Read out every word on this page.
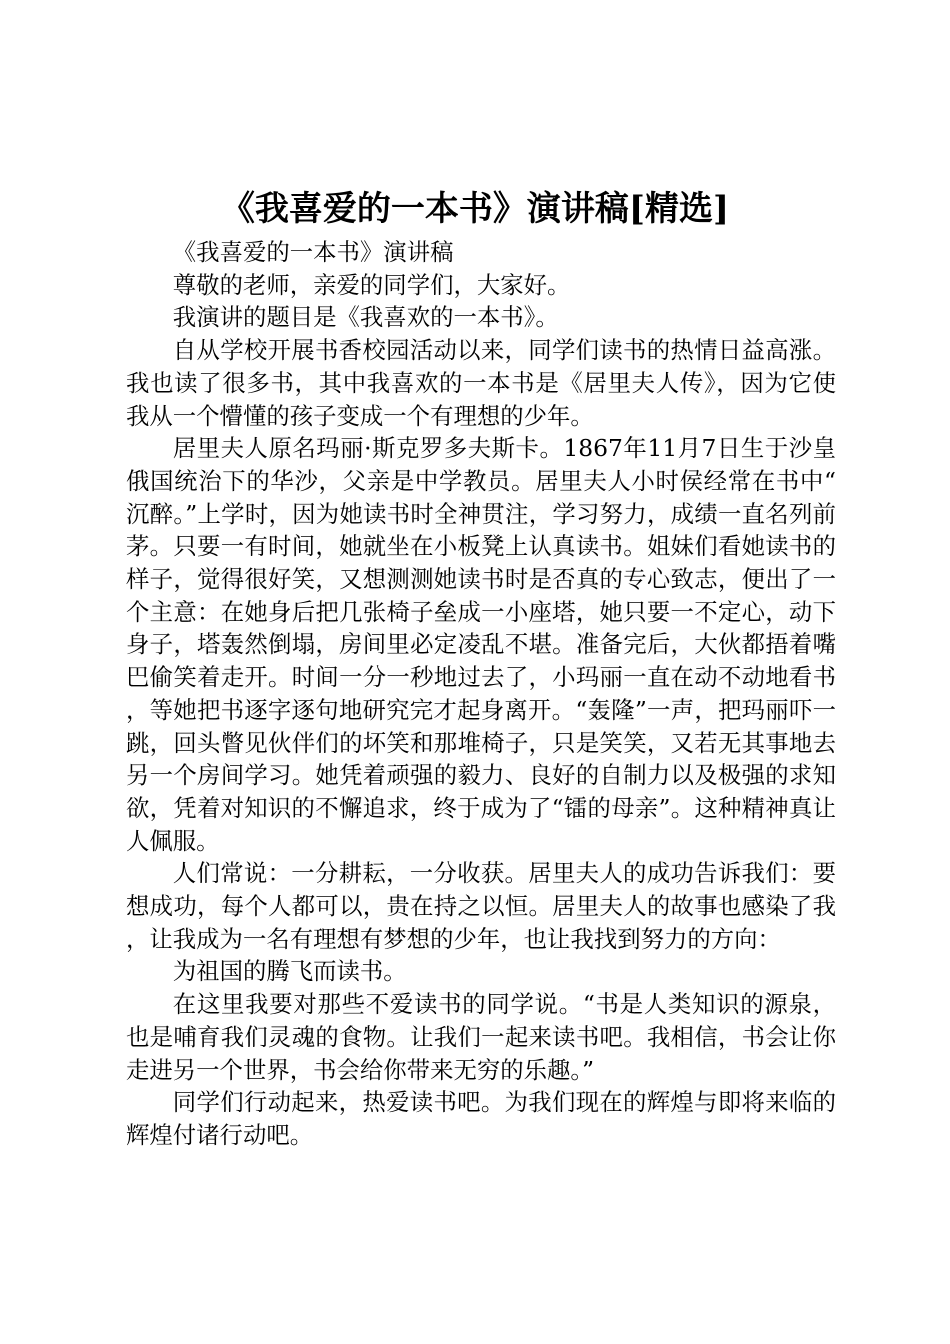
《我喜爱的一本书》演讲稿[精选]

《我喜爱的一本书》演讲稿

尊敬的老师，亲爱的同学们，大家好。

我演讲的题目是《我喜欢的一本书》。

自从学校开展书香校园活动以来，同学们读书的热情日益高涨。我也读了很多书，其中我喜欢的一本书是《居里夫人传》，因为它使我从一个懵懂的孩子变成一个有理想的少年。

居里夫人原名玛丽·斯克罗多夫斯卡。1867年11月7日生于沙皇俄国统治下的华沙，父亲是中学教员。居里夫人小时侯经常在书中“沉醉。”上学时，因为她读书时全神贯注，学习努力，成绩一直名列前茅。只要一有时间，她就坐在小板凳上认真读书。姐妹们看她读书的样子，觉得很好笑，又想测测她读书时是否真的专心致志，便出了一个主意：在她身后把几张椅子垒成一小座塔，她只要一不定心，动下身子，塔轰然倒塌，房间里必定凌乱不堪。准备完后，大伙都捂着嘴巴偷笑着走开。时间一分一秒地过去了，小玛丽一直在动不动地看书，等她把书逐字逐句地研究完才起身离开。“轰隆”一声，把玛丽吓一跳，回头瞥见伙伴们的坏笑和那堆椅子，只是笑笑，又若无其事地去另一个房间学习。她凭着顽强的毅力、良好的自制力以及极强的求知欲，凭着对知识的不懈追求，终于成为了“镭的母亲”。这种精神真让人佩服。

人们常说：一分耕耘，一分收获。居里夫人的成功告诉我们：要想成功，每个人都可以，贵在持之以恒。居里夫人的故事也感染了我，让我成为一名有理想有梦想的少年，也让我找到努力的方向：

为祖国的腾飞而读书。

在这里我要对那些不爱读书的同学说。“书是人类知识的源泉，也是哺育我们灵魂的食物。让我们一起来读书吧。我相信，书会让你走进另一个世界，书会给你带来无穷的乐趣。”

同学们行动起来，热爱读书吧。为我们现在的辉煌与即将来临的辉煌付诸行动吧。
